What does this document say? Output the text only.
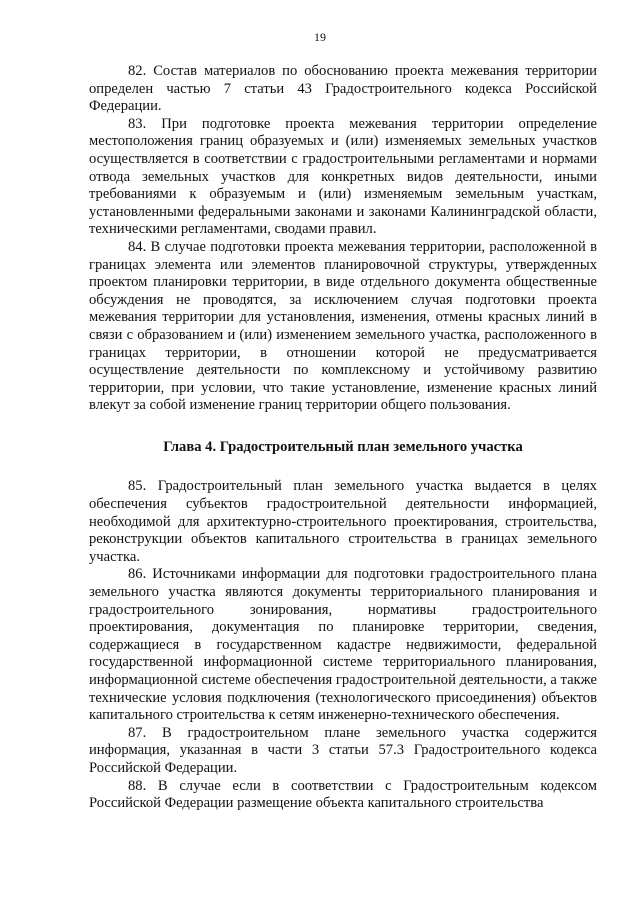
19

82. Состав материалов по обоснованию проекта межевания территории определен частью 7 статьи 43 Градостроительного кодекса Российской Федерации.

83. При подготовке проекта межевания территории определение местоположения границ образуемых и (или) изменяемых земельных участков осуществляется в соответствии с градостроительными регламентами и нормами отвода земельных участков для конкретных видов деятельности, иными требованиями к образуемым и (или) изменяемым земельным участкам, установленными федеральными законами и законами Калининградской области, техническими регламентами, сводами правил.

84. В случае подготовки проекта межевания территории, расположенной в границах элемента или элементов планировочной структуры, утвержденных проектом планировки территории, в виде отдельного документа общественные обсуждения не проводятся, за исключением случая подготовки проекта межевания территории для установления, изменения, отмены красных линий в связи с образованием и (или) изменением земельного участка, расположенного в границах территории, в отношении которой не предусматривается осуществление деятельности по комплексному и устойчивому развитию территории, при условии, что такие установление, изменение красных линий влекут за собой изменение границ территории общего пользования.

Глава 4. Градостроительный план земельного участка

85. Градостроительный план земельного участка выдается в целях обеспечения субъектов градостроительной деятельности информацией, необходимой для архитектурно-строительного проектирования, строительства, реконструкции объектов капитального строительства в границах земельного участка.

86. Источниками информации для подготовки градостроительного плана земельного участка являются документы территориального планирования и градостроительного зонирования, нормативы градостроительного проектирования, документация по планировке территории, сведения, содержащиеся в государственном кадастре недвижимости, федеральной государственной информационной системе территориального планирования, информационной системе обеспечения градостроительной деятельности, а также технические условия подключения (технологического присоединения) объектов капитального строительства к сетям инженерно-технического обеспечения.

87. В градостроительном плане земельного участка содержится информация, указанная в части 3 статьи 57.3 Градостроительного кодекса Российской Федерации.

88. В случае если в соответствии с Градостроительным кодексом Российской Федерации размещение объекта капитального строительства
